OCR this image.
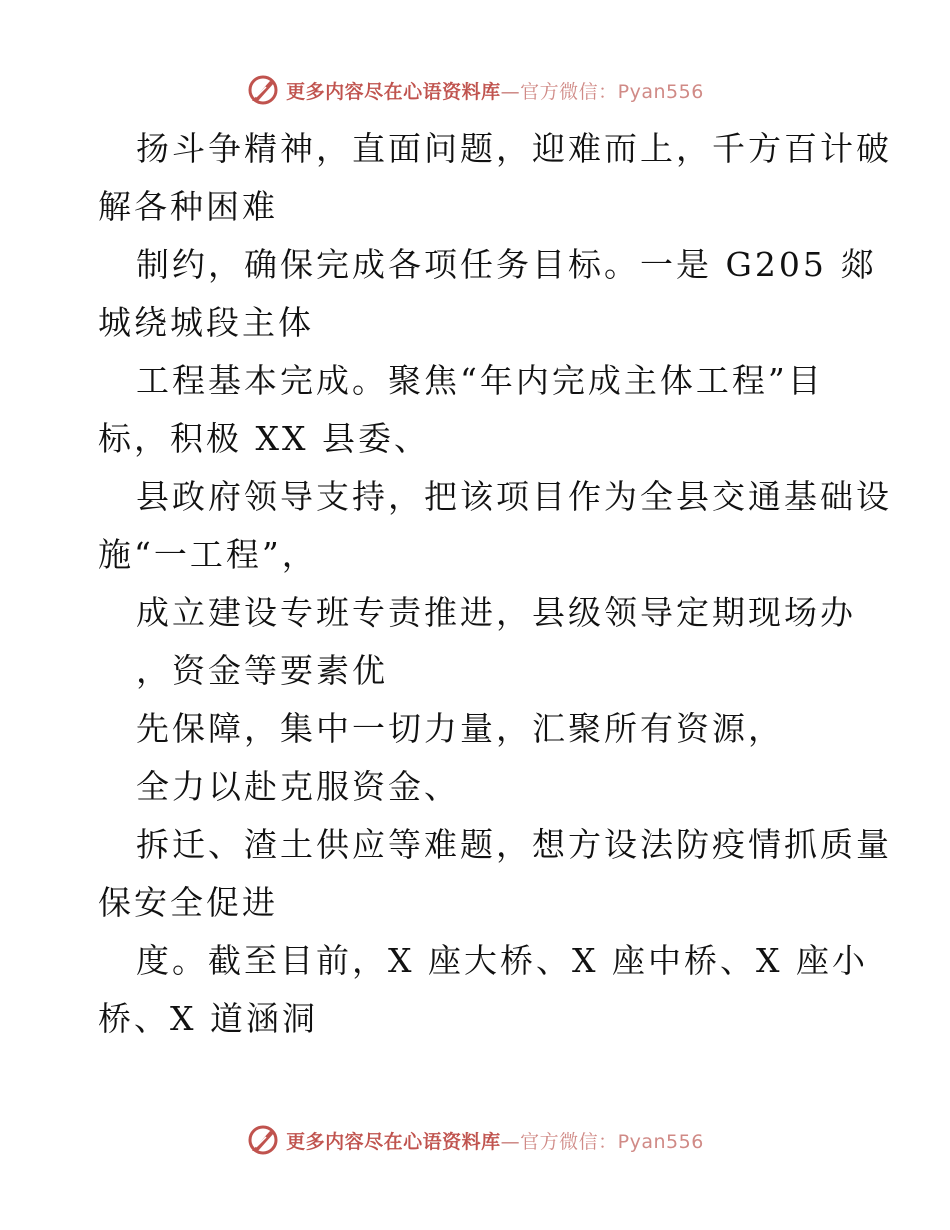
更多内容尽在心语资料库—官方微信：Pyan556
扬斗争精神，直面问题，迎难而上，千方百计破
解各种困难
制约，确保完成各项任务目标。一是 G205 郯
城绕城段主体
工程基本完成。聚焦“年内完成主体工程”目
标，积极 XX 县委、
县政府领导支持，把该项目作为全县交通基础设
施“一工程”，
成立建设专班专责推进，县级领导定期现场办
，资金等要素优
先保障，集中一切力量，汇聚所有资源，
全力以赴克服资金、
拆迁、渣土供应等难题，想方设法防疫情抓质量
保安全促进
度。截至目前，X 座大桥、X 座中桥、X 座小
桥、X 道涵洞
更多内容尽在心语资料库—官方微信：Pyan556
